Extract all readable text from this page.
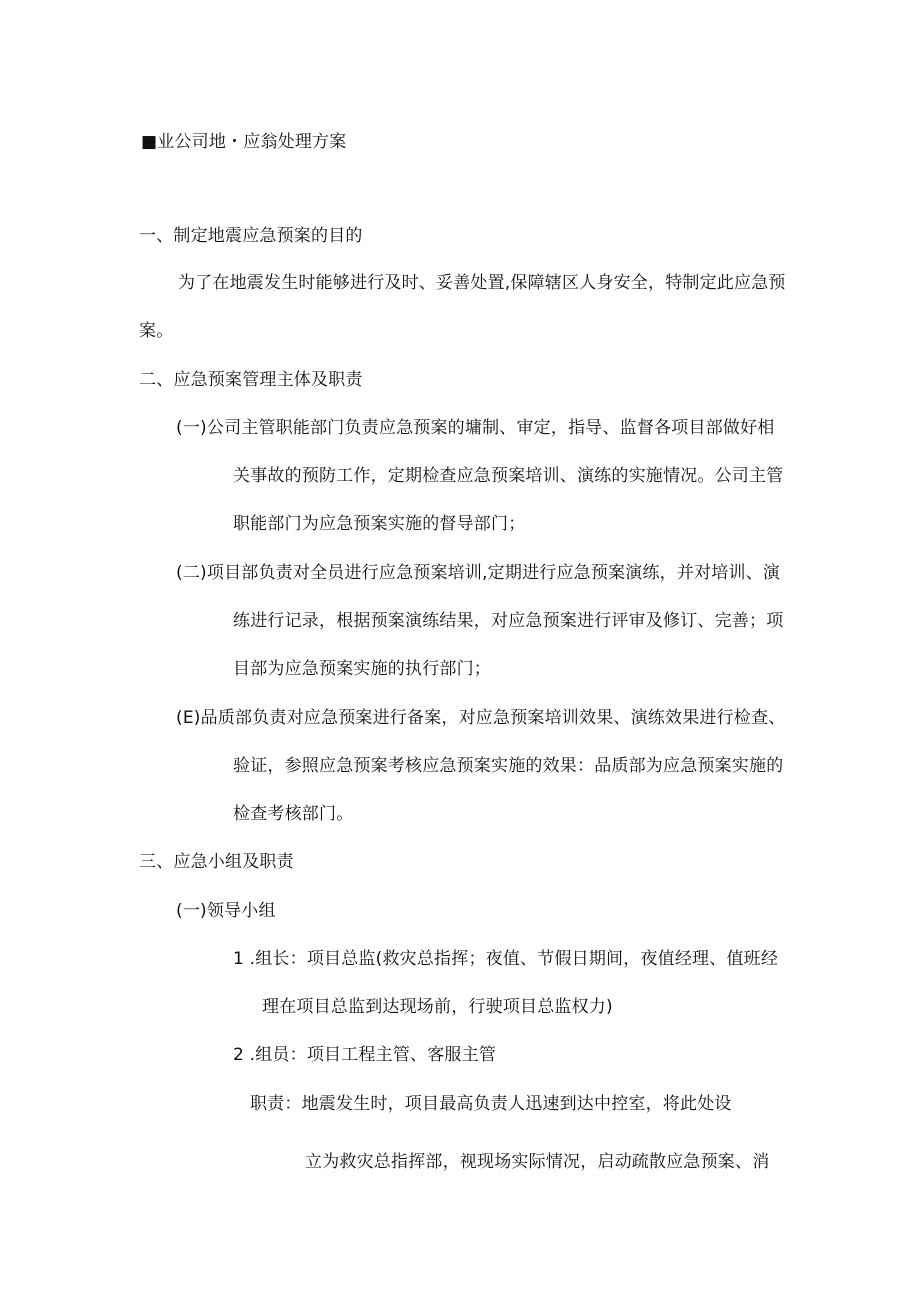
■业公司地・应翁处理方案
一、制定地震应急预案的目的
为了在地震发生时能够进行及时、妥善处置,保障辖区人身安全，特制定此应急预
案。
二、应急预案管理主体及职责
(一)公司主管职能部门负责应急预案的墉制、审定，指导、监督各项目部做好相
关事故的预防工作，定期检查应急预案培训、演练的实施情况。公司主管
职能部门为应急预案实施的督导部门；
(二)项目部负责对全员进行应急预案培训,定期进行应急预案演练，并对培训、演
练进行记录，根据预案演练结果，对应急预案进行评审及修订、完善；项
目部为应急预案实施的执行部门；
(E)品质部负责对应急预案进行备案，对应急预案培训效果、演练效果进行检查、
验证，参照应急预案考核应急预案实施的效果：品质部为应急预案实施的
检查考核部门。
三、应急小组及职责
(一)领导小组
1 .组长：项目总监(救灾总指挥；夜值、节假日期间，夜值经理、值班经
理在项目总监到达现场前，行驶项目总监权力)
2 .组员：项目工程主管、客服主管
职责：地震发生时，项目最高负责人迅速到达中控室，将此处设
立为救灾总指挥部，视现场实际情况，启动疏散应急预案、消
